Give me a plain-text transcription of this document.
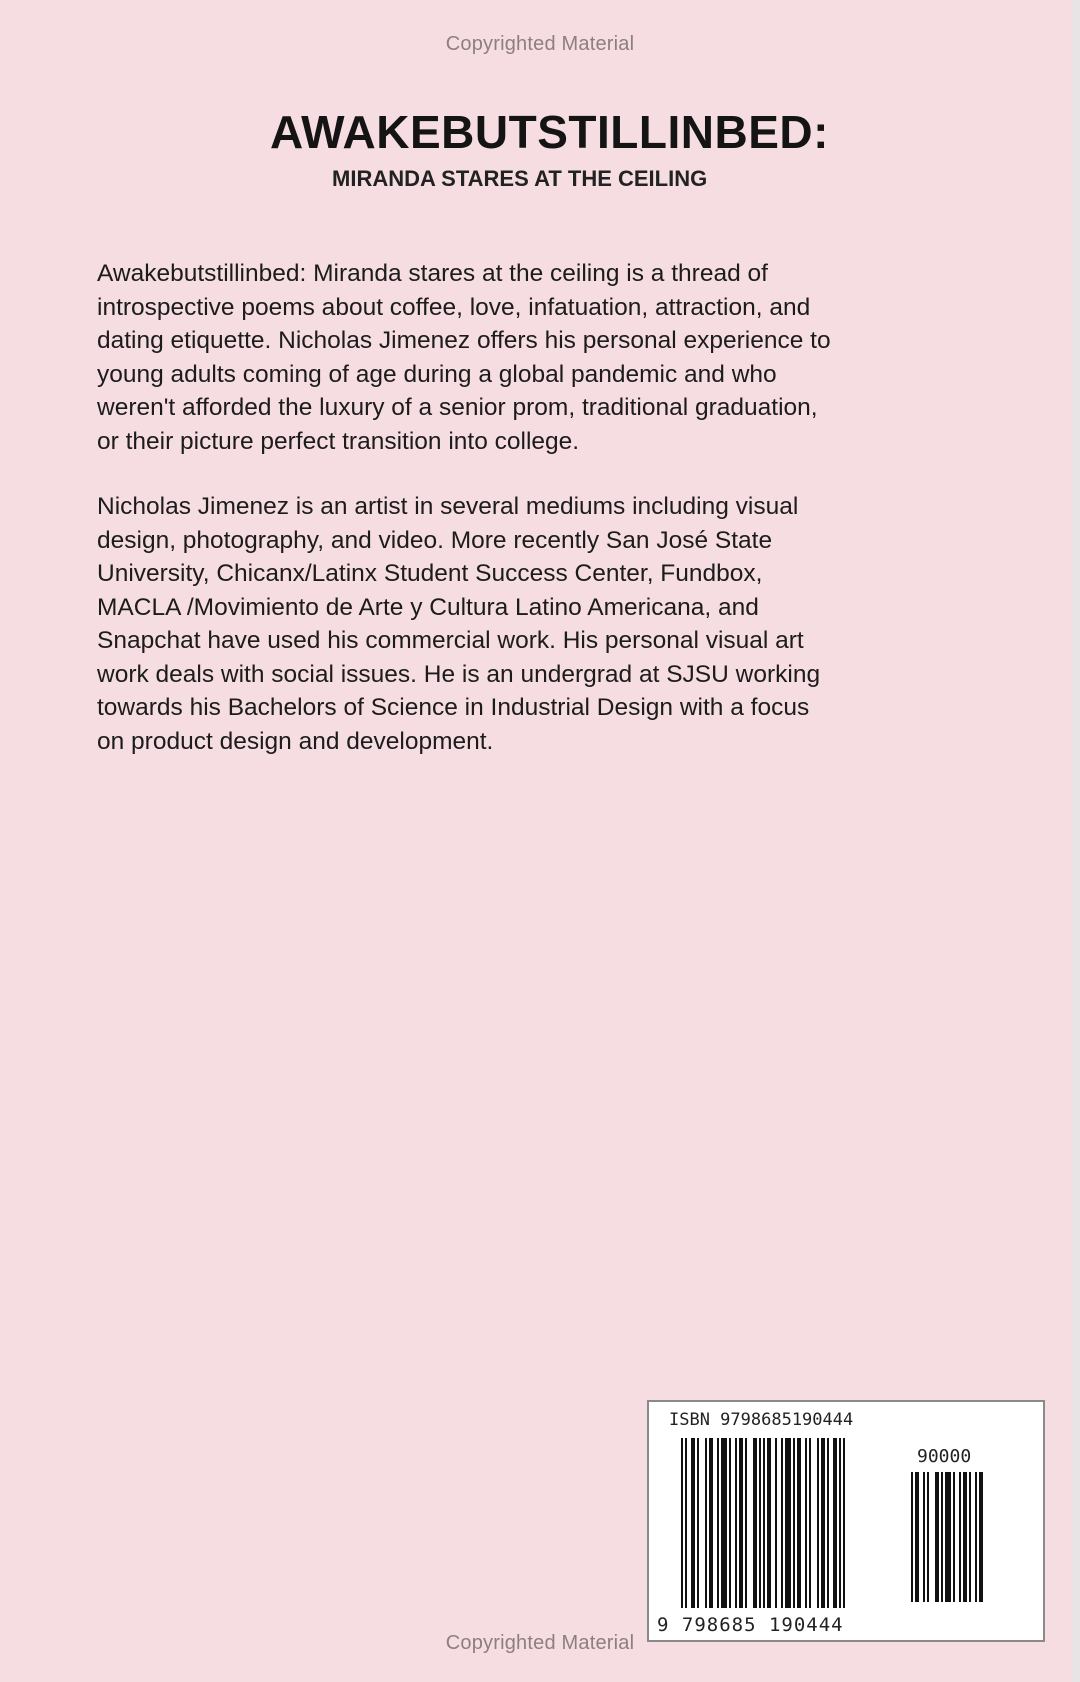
Copyrighted Material
AWAKEBUTSTILLINBED:
MIRANDA STARES AT THE CEILING
Awakebutstillinbed: Miranda stares at the ceiling is a thread of
introspective poems about coffee, love, infatuation, attraction, and
dating etiquette. Nicholas Jimenez offers his personal experience to
young adults coming of age during a global pandemic and who
weren't afforded the luxury of a senior prom, traditional graduation,
or their picture perfect transition into college.
Nicholas Jimenez is an artist in several mediums including visual
design, photography, and video. More recently San José State
University, Chicanx/Latinx Student Success Center, Fundbox,
MACLA /Movimiento de Arte y Cultura Latino Americana, and
Snapchat have used his commercial work. His personal visual art
work deals with social issues. He is an undergrad at SJSU working
towards his Bachelors of Science in Industrial Design with a focus
on product design and development.
ISBN 9798685190444
90000
9 798685 190444
Copyrighted Material
